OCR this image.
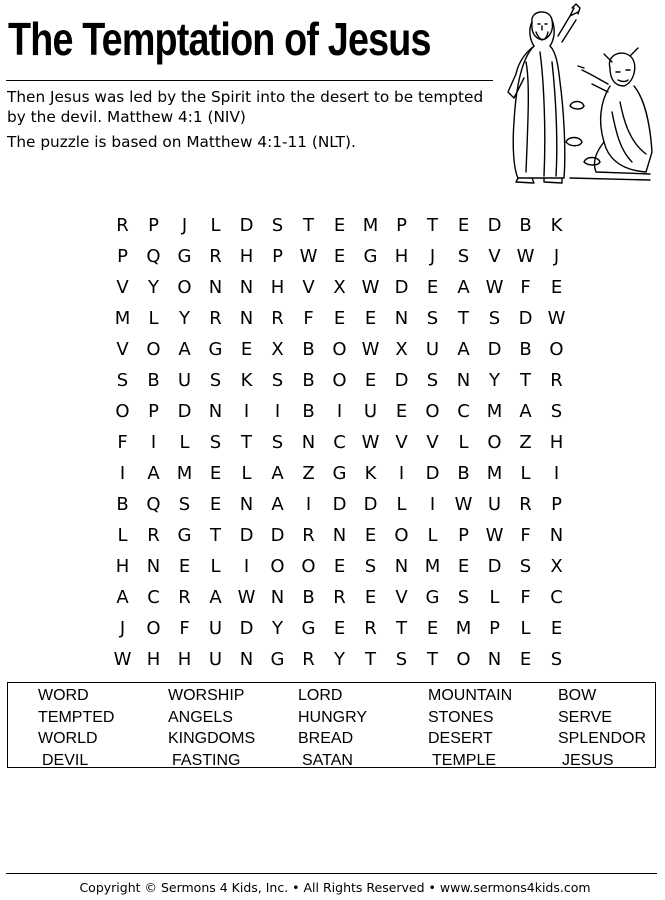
The Temptation of Jesus

Then Jesus was led by the Spirit into the desert to be tempted by the devil. Matthew 4:1 (NIV)

The puzzle is based on Matthew 4:1-11 (NLT).

R	P	J	L	D	S	T	E M P	T	E	D B	K
P	Q G R H	P W E	G H	J	S	V W	J
V	Y	O N N H	V	X W D	E	A W F	E
M	L	Y	R	N	R	F	E	E	N	S	T	S	D W
V O A G	E	X	B O W X	U	A D B O
S	B	U	S	K	S	B O	E	D	S	N	Y	T	R
O	P	D N	I	I	B	I	U	E	O C M A	S
F	I	L	S	T	S	N C W V	V	L	O Z	H
I	A M E	L	A	Z G	K	I	D B M	L	I
B Q	S	E	N	A	I	D D	L	I	W U	R	P
L	R G	T	D D R	N	E	O	L	P W F	N
H N	E	L	I	O O	E	S	N M E	D	S	X
A	C	R	A W N	B	R	E	V G	S	L	F	C
J	O	F	U D	Y	G	E	R	T	E M P	L	E
W H H U N G R	Y	T	S	T	O N	E	S
WORD	WORSHIP	LORD	MOUNTAIN	BOW
TEMPTED	ANGELS	HUNGRY	STONES	SERVE
WORLD	KINGDOMS	BREAD	DESERT	SPLENDOR
DEVIL	FASTING	SATAN	TEMPLE	JESUS
Copyright © Sermons 4 Kids, Inc. • All Rights Reserved • www.sermons4kids.com
